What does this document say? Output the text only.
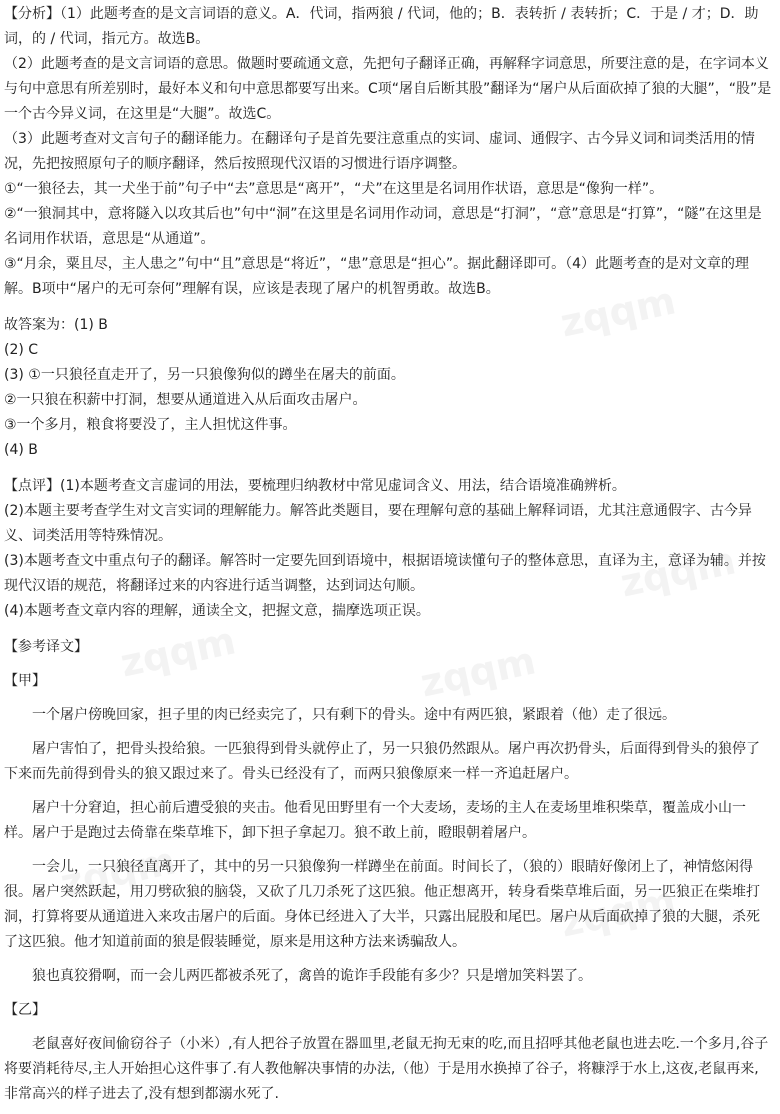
zqqm
zqqm
zqqm	zqqm
zqqm
zqqm

【分析】（1）此题考查的是文言词语的意义。A．代词，指两狼 / 代词，他的；B．表转折 / 表转折；C．于是 / 才；D．助词，的 / 代词，指元方。故选B。

（2）此题考查的是文言词语的意思。做题时要疏通文意，先把句子翻译正确，再解释字词意思，所要注意的是，在字词本义与句中意思有所差别时，最好本义和句中意思都要写出来。C项“屠自后断其股”翻译为“屠户从后面砍掉了狼的大腿”，“股”是一个古今异义词，在这里是“大腿”。故选C。

（3）此题考查对文言句子的翻译能力。在翻译句子是首先要注意重点的实词、虚词、通假字、古今异义词和词类活用的情况，先把按照原句子的顺序翻译，然后按照现代汉语的习惯进行语序调整。

①“一狼径去，其一犬坐于前”句子中“去”意思是“离开”，“犬”在这里是名词用作状语，意思是“像狗一样”。

②“一狼洞其中，意将隧入以攻其后也”句中“洞”在这里是名词用作动词，意思是“打洞”，“意”意思是“打算”，“隧”在这里是名词用作状语，意思是“从通道”。

③“月余，粟且尽，主人患之”句中“且”意思是“将近”，“患”意思是“担心”。据此翻译即可。（4）此题考查的是对文章的理解。B项中“屠户的无可奈何”理解有误，应该是表现了屠户的机智勇敢。故选B。

故答案为：(1) B

(2) C

(3) ①一只狼径直走开了，另一只狼像狗似的蹲坐在屠夫的前面。

②一只狼在积薪中打洞，想要从通道进入从后面攻击屠户。

③一个多月，粮食将要没了，主人担忧这件事。

(4) B

【点评】(1)本题考查文言虚词的用法，要梳理归纳教材中常见虚词含义、用法，结合语境准确辨析。

(2)本题主要考查学生对文言实词的理解能力。解答此类题目，要在理解句意的基础上解释词语，尤其注意通假字、古今异义、词类活用等特殊情况。

(3)本题考查文中重点句子的翻译。解答时一定要先回到语境中，根据语境读懂句子的整体意思，直译为主，意译为辅。并按现代汉语的规范，将翻译过来的内容进行适当调整，达到词达句顺。

(4)本题考查文章内容的理解，通读全文，把握文意，揣摩选项正误。

【参考译文】

【甲】

一个屠户傍晚回家，担子里的肉已经卖完了，只有剩下的骨头。途中有两匹狼，紧跟着（他）走了很远。

屠户害怕了，把骨头投给狼。一匹狼得到骨头就停止了，另一只狼仍然跟从。屠户再次扔骨头，后面得到骨头的狼停了下来而先前得到骨头的狼又跟过来了。骨头已经没有了，而两只狼像原来一样一齐追赶屠户。

屠户十分窘迫，担心前后遭受狼的夹击。他看见田野里有一个大麦场，麦场的主人在麦场里堆积柴草，覆盖成小山一样。屠户于是跑过去倚靠在柴草堆下，卸下担子拿起刀。狼不敢上前，瞪眼朝着屠户。

一会儿，一只狼径直离开了，其中的另一只狼像狗一样蹲坐在前面。时间长了，（狼的）眼睛好像闭上了，神情悠闲得很。屠户突然跃起，用刀劈砍狼的脑袋，又砍了几刀杀死了这匹狼。他正想离开，转身看柴草堆后面，另一匹狼正在柴堆打洞，打算将要从通道进入来攻击屠户的后面。身体已经进入了大半，只露出屁股和尾巴。屠户从后面砍掉了狼的大腿，杀死了这匹狼。他才知道前面的狼是假装睡觉，原来是用这种方法来诱骗敌人。

狼也真狡猾啊，而一会儿两匹都被杀死了，禽兽的诡诈手段能有多少？只是增加笑料罢了。

【乙】

老鼠喜好夜间偷窃谷子（小米）,有人把谷子放置在器皿里,老鼠无拘无束的吃,而且招呼其他老鼠也进去吃.一个多月,谷子将要消耗待尽,主人开始担心这件事了.有人教他解决事情的办法,（他）于是用水换掉了谷子，将糠浮于水上,这夜,老鼠再来,非常高兴的样子进去了,没有想到都溺水死了.
